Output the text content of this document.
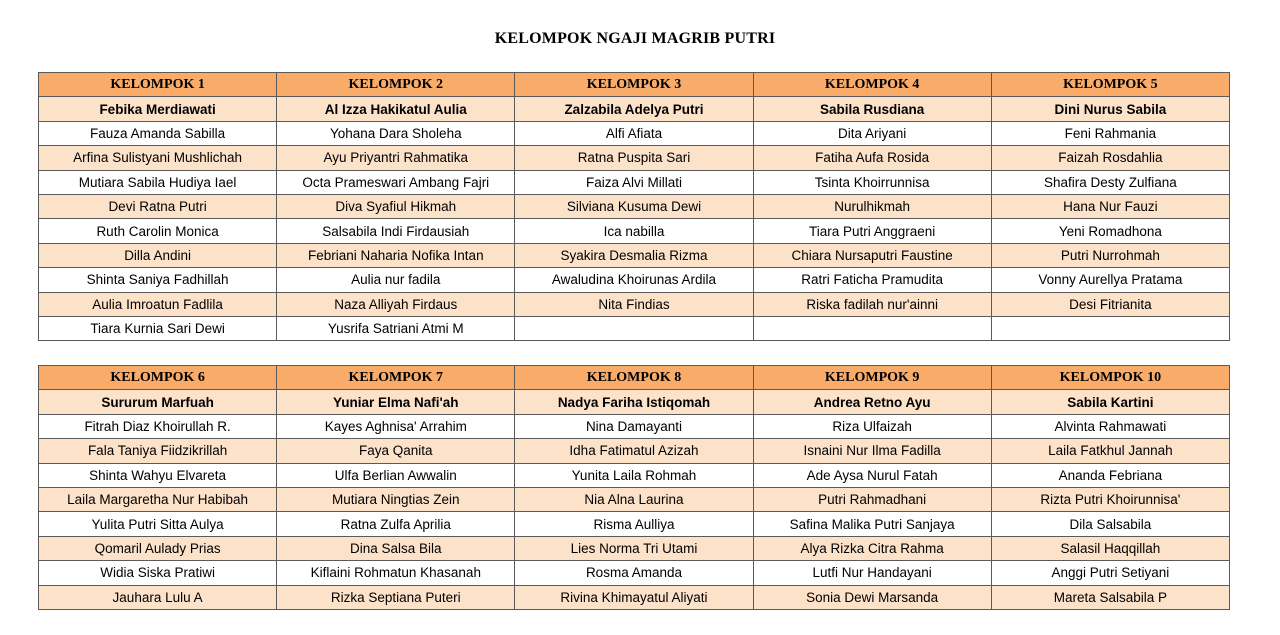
KELOMPOK NGAJI MAGRIB PUTRI
KELOMPOK 1	KELOMPOK 2	KELOMPOK 3	KELOMPOK 4	KELOMPOK 5
Febika Merdiawati	Al Izza Hakikatul Aulia	Zalzabila Adelya Putri	Sabila Rusdiana	Dini Nurus Sabila
Fauza Amanda Sabilla	Yohana Dara Sholeha	Alfi Afiata	Dita Ariyani	Feni Rahmania
Arfina Sulistyani Mushlichah	Ayu Priyantri Rahmatika	Ratna Puspita Sari	Fatiha Aufa Rosida	Faizah Rosdahlia
Mutiara Sabila Hudiya Iael	Octa Prameswari Ambang Fajri	Faiza Alvi Millati	Tsinta Khoirrunnisa	Shafira Desty Zulfiana
Devi Ratna Putri	Diva Syafiul Hikmah	Silviana Kusuma Dewi	Nurulhikmah	Hana Nur Fauzi
Ruth Carolin Monica	Salsabila Indi Firdausiah	Ica nabilla	Tiara Putri Anggraeni	Yeni Romadhona
Dilla Andini	Febriani Naharia Nofika Intan	Syakira Desmalia Rizma	Chiara Nursaputri Faustine	Putri Nurrohmah
Shinta Saniya Fadhillah	Aulia nur fadila	Awaludina Khoirunas Ardila	Ratri Faticha Pramudita	Vonny Aurellya Pratama
Aulia Imroatun Fadlila	Naza Alliyah Firdaus	Nita Findias	Riska fadilah nur'ainni	Desi Fitrianita
Tiara Kurnia Sari Dewi	Yusrifa Satriani Atmi M			
KELOMPOK 6	KELOMPOK 7	KELOMPOK 8	KELOMPOK 9	KELOMPOK 10
Sururum Marfuah	Yuniar Elma Nafi'ah	Nadya Fariha Istiqomah	Andrea Retno Ayu	Sabila Kartini
Fitrah Diaz Khoirullah R.	Kayes Aghnisa' Arrahim	Nina Damayanti	Riza Ulfaizah	Alvinta Rahmawati
Fala Taniya Fiidzikrillah	Faya Qanita	Idha Fatimatul Azizah	Isnaini Nur Ilma Fadilla	Laila Fatkhul Jannah
Shinta Wahyu Elvareta	Ulfa Berlian Awwalin	Yunita Laila Rohmah	Ade Aysa Nurul Fatah	Ananda Febriana
Laila Margaretha Nur Habibah	Mutiara Ningtias Zein	Nia Alna Laurina	Putri Rahmadhani	Rizta Putri Khoirunnisa'
Yulita Putri Sitta Aulya	Ratna Zulfa Aprilia	Risma Aulliya	Safina Malika Putri Sanjaya	Dila Salsabila
Qomaril Aulady Prias	Dina Salsa Bila	Lies Norma Tri Utami	Alya Rizka Citra Rahma	Salasil Haqqillah
Widia Siska Pratiwi	Kiflaini Rohmatun Khasanah	Rosma Amanda	Lutfi Nur Handayani	Anggi Putri Setiyani
Jauhara Lulu A	Rizka Septiana Puteri	Rivina Khimayatul Aliyati	Sonia Dewi Marsanda	Mareta Salsabila P
